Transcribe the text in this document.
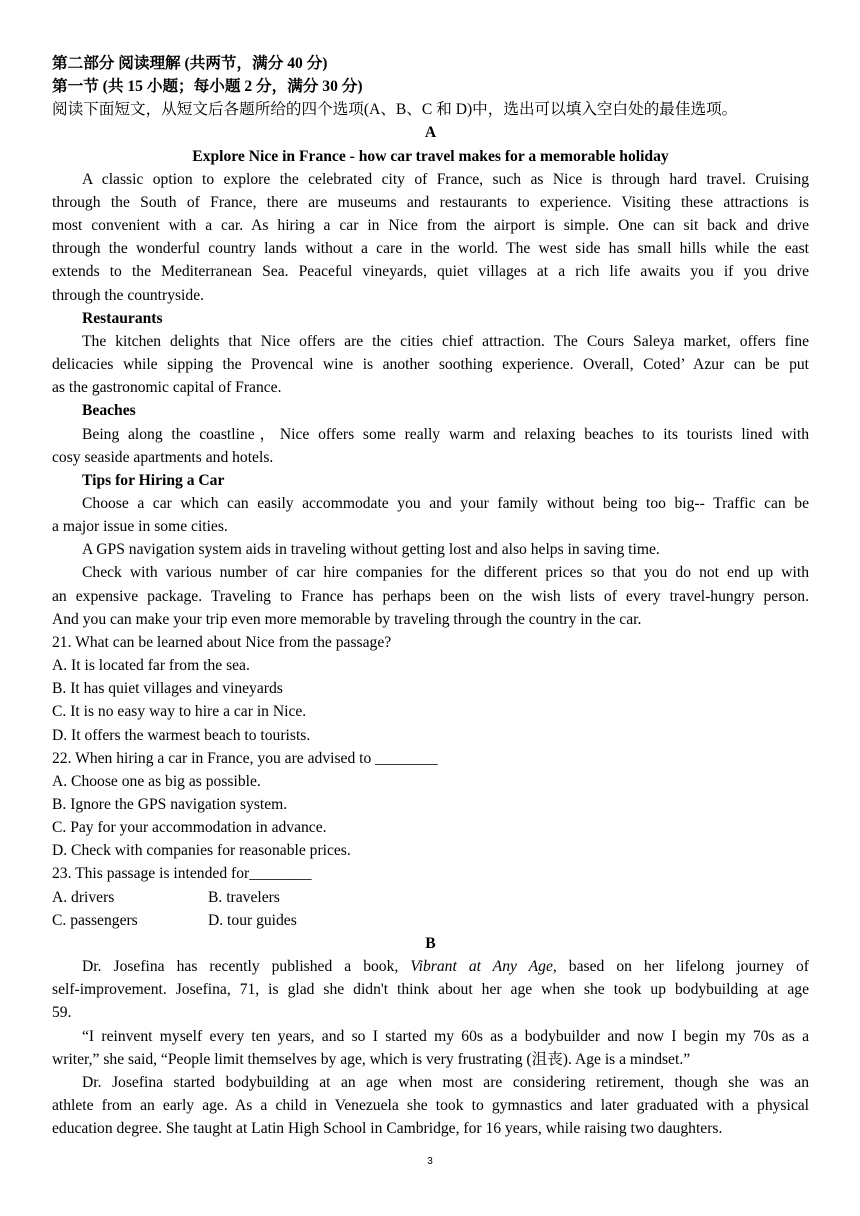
第二部分 阅读理解 (共两节，满分 40 分)
第一节 (共 15 小题；每小题 2 分，满分 30 分)
阅读下面短文，从短文后各题所给的四个选项(A、B、C 和 D)中，选出可以填入空白处的最佳选项。
A
Explore Nice in France - how car travel makes for a memorable holiday
A classic option to explore the celebrated city of France, such as Nice is through hard travel. Cruising
through the South of France, there are museums and restaurants to experience. Visiting these attractions is
most convenient with a car. As hiring a car in Nice from the airport is simple. One can sit back and drive
through the wonderful country lands without a care in the world. The west side has small hills while the east
extends to the Mediterranean Sea. Peaceful vineyards, quiet villages at a rich life awaits you if you drive
through the countryside.
Restaurants
The kitchen delights that Nice offers are the cities chief attraction. The Cours Saleya market, offers fine
delicacies while sipping the Provencal wine is another soothing experience. Overall, Coted’ Azur can be put
as the gastronomic capital of France.
Beaches
Being along the coastline，Nice offers some really warm and relaxing beaches to its tourists lined with
cosy seaside apartments and hotels.
Tips for Hiring a Car
Choose a car which can easily accommodate you and your family without being too big-- Traffic can be
a major issue in some cities.
A GPS navigation system aids in traveling without getting lost and also helps in saving time.
Check with various number of car hire companies for the different prices so that you do not end up with
an expensive package. Traveling to France has perhaps been on the wish lists of every travel-hungry person.
And you can make your trip even more memorable by traveling through the country in the car.
21. What can be learned about Nice from the passage?
A. It is located far from the sea.
B. It has quiet villages and vineyards
C. It is no easy way to hire a car in Nice.
D. It offers the warmest beach to tourists.
22. When hiring a car in France, you are advised to ________
A. Choose one as big as possible.
B. Ignore the GPS navigation system.
C. Pay for your accommodation in advance.
D. Check with companies for reasonable prices.
23. This passage is intended for________
A. drivers	B. travelers
C. passengers	D. tour guides
B
Dr. Josefina has recently published a book, Vibrant at Any Age, based on her lifelong journey of
self-improvement. Josefina, 71, is glad she didn't think about her age when she took up bodybuilding at age
59.
“I reinvent myself every ten years, and so I started my 60s as a bodybuilder and now I begin my 70s as a
writer,” she said, “People limit themselves by age, which is very frustrating (沮丧). Age is a mindset.”
Dr. Josefina started bodybuilding at an age when most are considering retirement, though she was an
athlete from an early age. As a child in Venezuela she took to gymnastics and later graduated with a physical
education degree. She taught at Latin High School in Cambridge, for 16 years, while raising two daughters.
3
